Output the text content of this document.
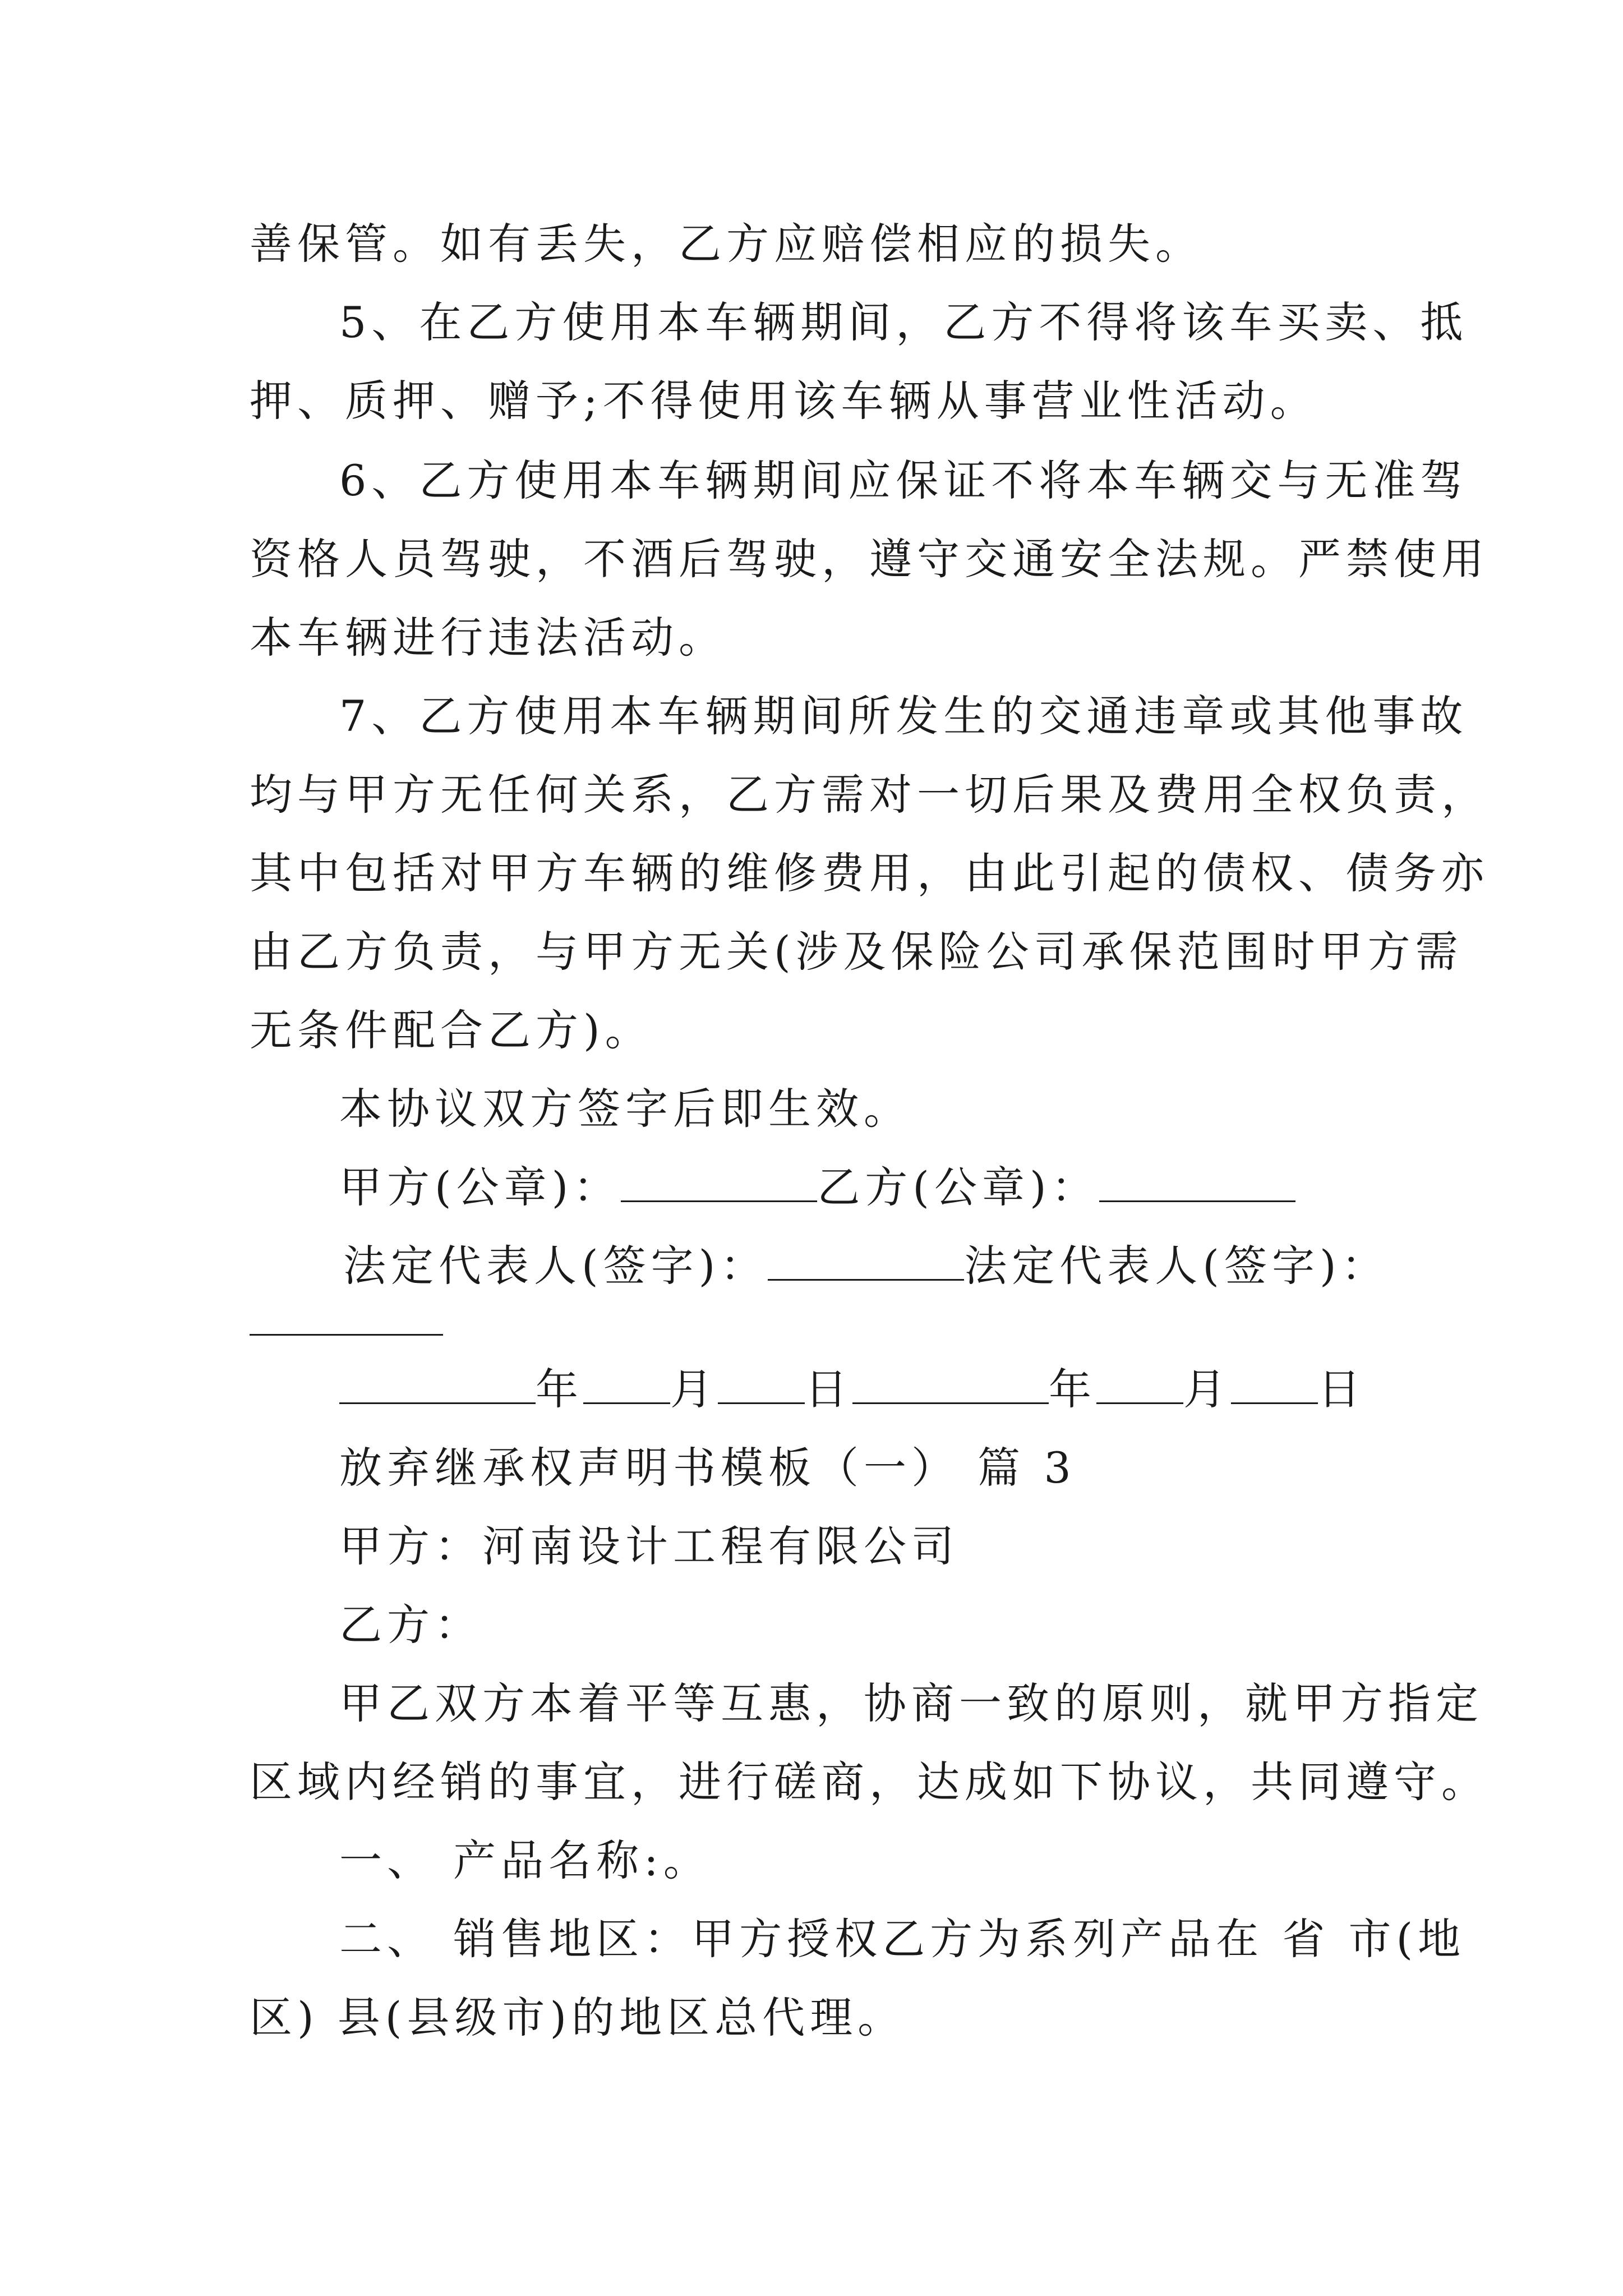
善保管。如有丢失，乙方应赔偿相应的损失。
5、在乙方使用本车辆期间，乙方不得将该车买卖、抵
押、质押、赠予;不得使用该车辆从事营业性活动。
6、乙方使用本车辆期间应保证不将本车辆交与无准驾
资格人员驾驶，不酒后驾驶，遵守交通安全法规。严禁使用
本车辆进行违法活动。
7、乙方使用本车辆期间所发生的交通违章或其他事故
均与甲方无任何关系，乙方需对一切后果及费用全权负责，
其中包括对甲方车辆的维修费用，由此引起的债权、债务亦
由乙方负责，与甲方无关(涉及保险公司承保范围时甲方需
无条件配合乙方)。
本协议双方签字后即生效。
甲方(公章)：	乙方(公章)：
法定代表人(签字)：	法定代表人(签字)：
年 月 日	年 月 日
放弃继承权声明书模板（一） 篇 3
甲方：河南设计工程有限公司
乙方：
甲乙双方本着平等互惠，协商一致的原则，就甲方指定
区域内经销的事宜，进行磋商，达成如下协议，共同遵守。
一、 产品名称:。
二、 销售地区：甲方授权乙方为系列产品在 省 市(地
区) 县(县级市)的地区总代理。
